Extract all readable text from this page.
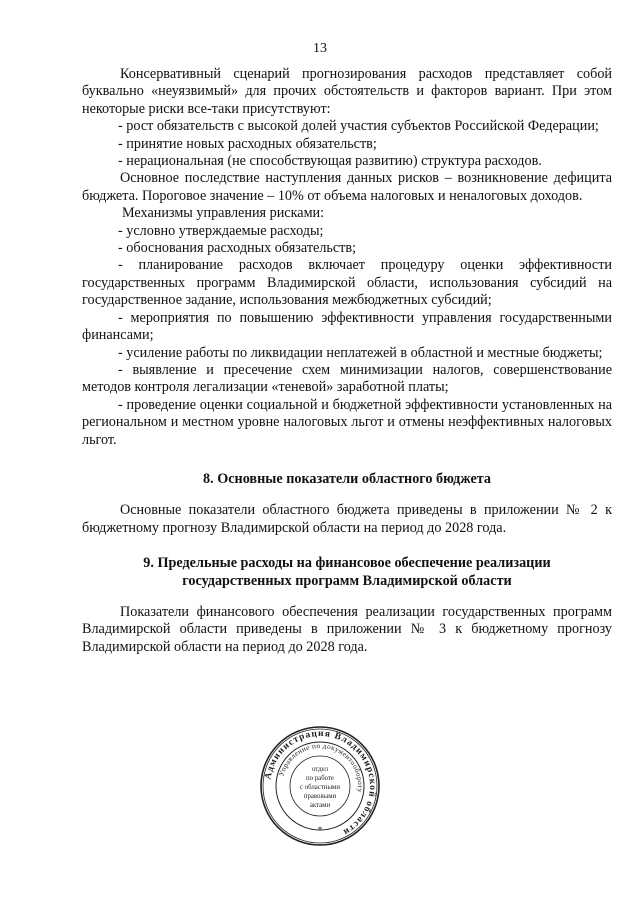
13

Консервативный сценарий прогнозирования расходов представляет собой буквально «неуязвимый» для прочих обстоятельств и факторов вариант. При этом некоторые риски все-таки присутствуют:

- рост обязательств с высокой долей участия субъектов Российской Федерации;

- принятие новых расходных обязательств;

- нерациональная (не способствующая развитию) структура расходов.

Основное последствие наступления данных рисков – возникновение дефицита бюджета. Пороговое значение – 10% от объема налоговых и неналоговых доходов.

Механизмы управления рисками:

- условно утверждаемые расходы;

- обоснования расходных обязательств;

- планирование расходов включает процедуру оценки эффективности государственных программ Владимирской области, использования субсидий на государственное задание, использования межбюджетных субсидий;

- мероприятия по повышению эффективности управления государственными финансами;

- усиление работы по ликвидации неплатежей в областной и местные бюджеты;

- выявление и пресечение схем минимизации налогов, совершенствование методов контроля легализации «теневой» заработной платы;

- проведение оценки социальной и бюджетной эффективности установленных на региональном и местном уровне налоговых льгот и отмены неэффективных налоговых льгот.

8. Основные показатели областного бюджета

Основные показатели областного бюджета приведены в приложении № 2 к бюджетному прогнозу Владимирской области на период до 2028 года.

9. Предельные расходы на финансовое обеспечение реализации
государственных программ Владимирской области

Показатели финансового обеспечения реализации государственных программ Владимирской области приведены в приложении № 3 к бюджетному прогнозу Владимирской области на период до 2028 года.

Администрация Владимирской области
Управление по документообороту
отдел
по работе
с областными
правовыми
актами
*
